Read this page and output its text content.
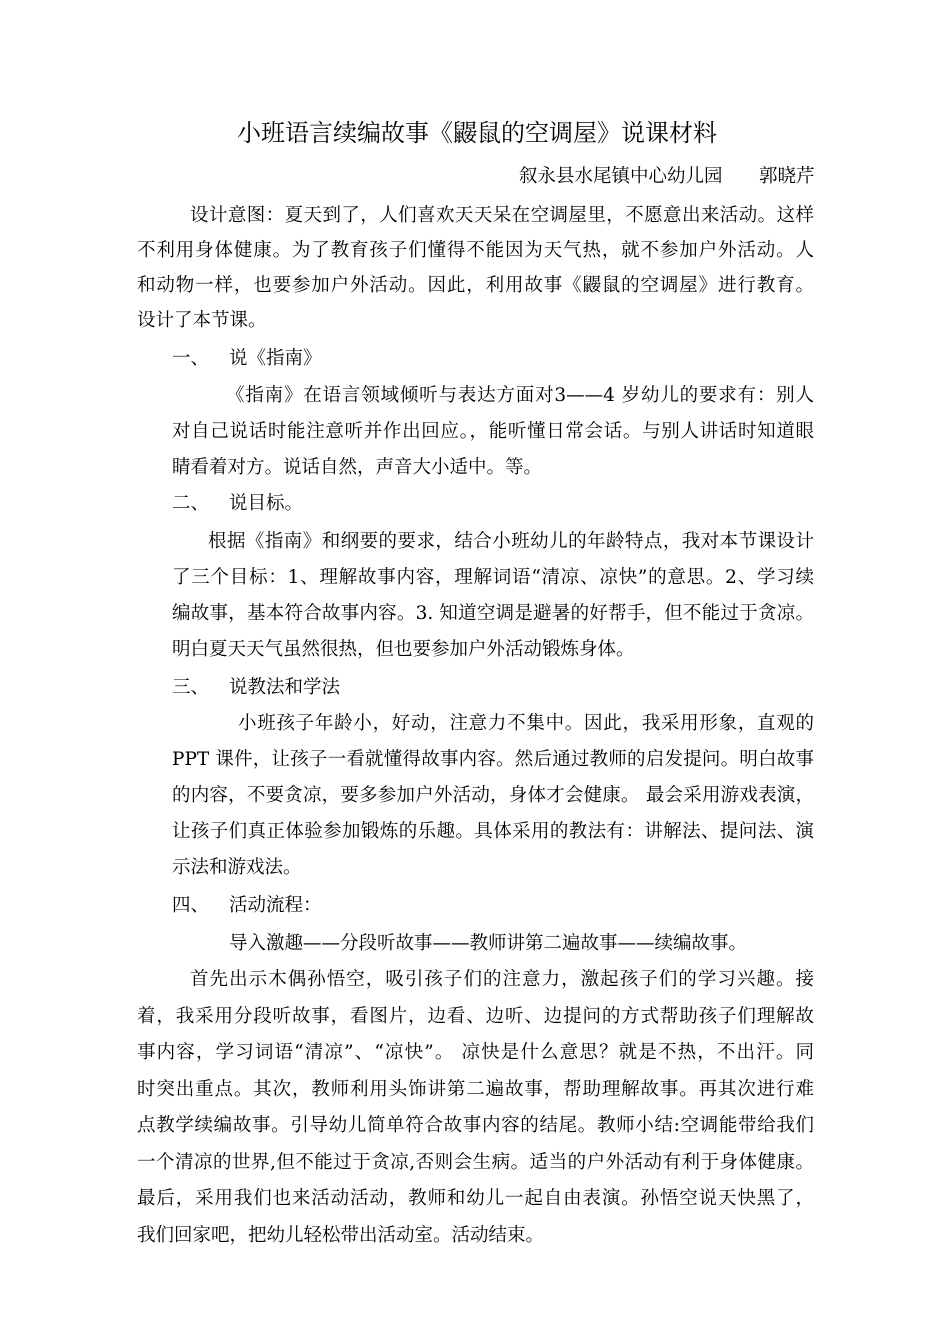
小班语言续编故事《鼹鼠的空调屋》说课材料
叙永县水尾镇中心幼儿园 郭晓芹
设计意图：夏天到了，人们喜欢天天呆在空调屋里，不愿意出来活动。这样
不利用身体健康。为了教育孩子们懂得不能因为天气热，就不参加户外活动。人
和动物一样，也要参加户外活动。因此，利用故事《鼹鼠的空调屋》进行教育。
设计了本节课。
一、 说《指南》
《指南》在语言领域倾听与表达方面对3——4 岁幼儿的要求有：别人
对自己说话时能注意听并作出回应。，能听懂日常会话。与别人讲话时知道眼
睛看着对方。说话自然，声音大小适中。等。
二、 说目标。
根据《指南》和纲要的要求，结合小班幼儿的年龄特点，我对本节课设计
了三个目标：1、理解故事内容，理解词语“清凉、凉快”的意思。2、学习续
编故事，基本符合故事内容。3. 知道空调是避暑的好帮手，但不能过于贪凉。
明白夏天天气虽然很热，但也要参加户外活动锻炼身体。
三、 说教法和学法
小班孩子年龄小，好动，注意力不集中。因此，我采用形象，直观的
PPT 课件，让孩子一看就懂得故事内容。然后通过教师的启发提问。明白故事
的内容，不要贪凉，要多参加户外活动，身体才会健康。 最会采用游戏表演，
让孩子们真正体验参加锻炼的乐趣。具体采用的教法有：讲解法、提问法、演
示法和游戏法。
四、 活动流程：
导入激趣——分段听故事——教师讲第二遍故事——续编故事。
首先出示木偶孙悟空，吸引孩子们的注意力，激起孩子们的学习兴趣。接
着，我采用分段听故事，看图片，边看、边听、边提问的方式帮助孩子们理解故
事内容，学习词语“清凉”、“凉快”。 凉快是什么意思？就是不热，不出汗。同
时突出重点。其次，教师利用头饰讲第二遍故事，帮助理解故事。再其次进行难
点教学续编故事。引导幼儿简单符合故事内容的结尾。教师小结:空调能带给我们
一个清凉的世界,但不能过于贪凉,否则会生病。适当的户外活动有利于身体健康。
最后，采用我们也来活动活动，教师和幼儿一起自由表演。孙悟空说天快黑了，
我们回家吧，把幼儿轻松带出活动室。活动结束。
